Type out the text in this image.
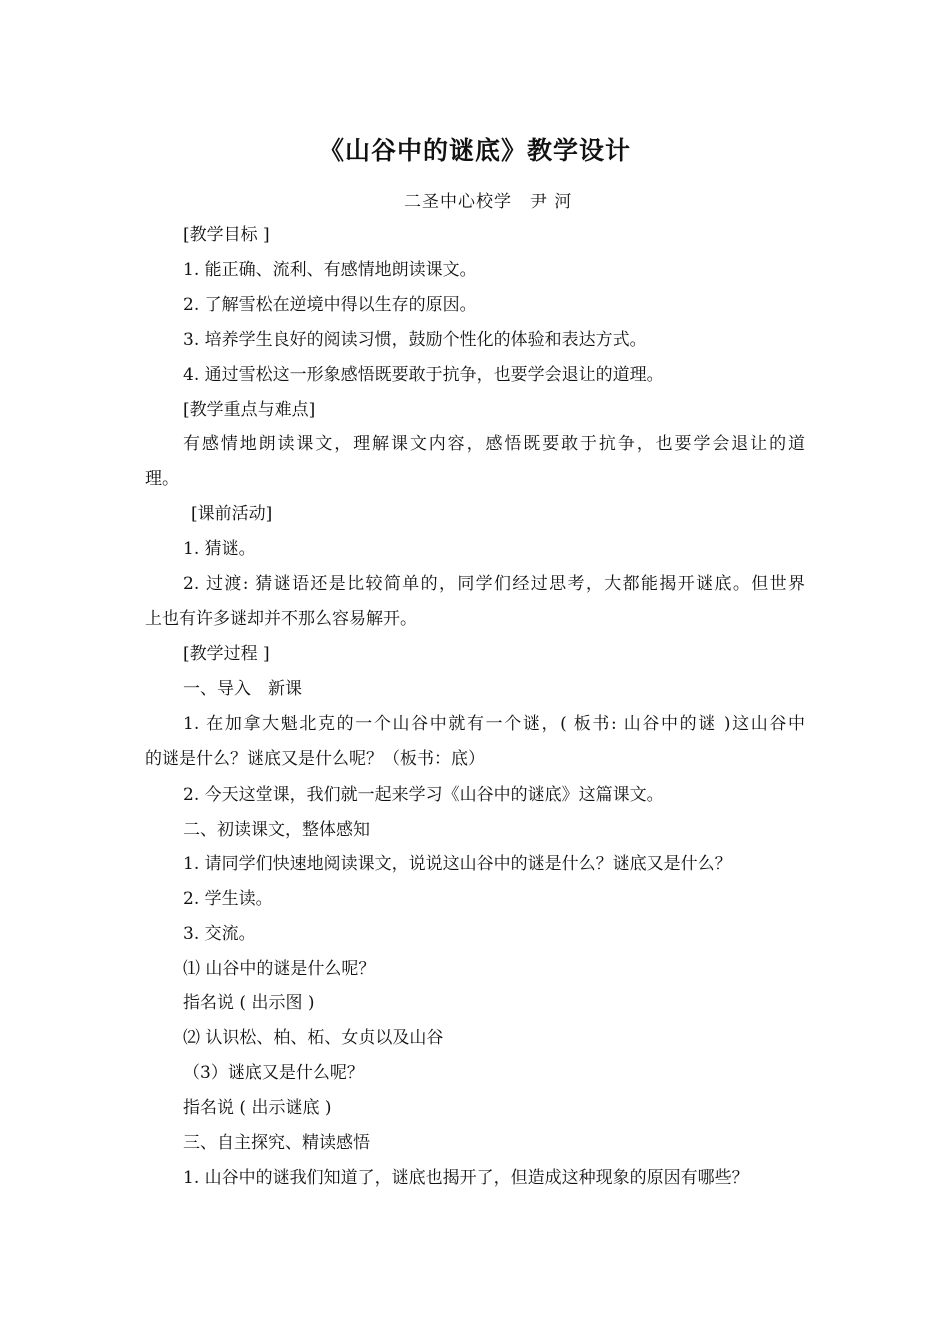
《山谷中的谜底》教学设计
二圣中心校学　尹 河
[教学目标 ]
1. 能正确、流利、有感情地朗读课文。
2. 了解雪松在逆境中得以生存的原因。
3. 培养学生良好的阅读习惯，鼓励个性化的体验和表达方式。
4. 通过雪松这一形象感悟既要敢于抗争，也要学会退让的道理。
[教学重点与难点]
有感情地朗读课文，理解课文内容，感悟既要敢于抗争，也要学会退让的道
理。
[课前活动]
1. 猜谜。
2. 过渡: 猜谜语还是比较简单的，同学们经过思考，大都能揭开谜底。但世界
上也有许多谜却并不那么容易解开。
[教学过程 ]
一、导入　新课
1. 在加拿大魁北克的一个山谷中就有一个谜，( 板书: 山谷中的谜 )这山谷中
的谜是什么？谜底又是什么呢？（板书：底）
2. 今天这堂课，我们就一起来学习《山谷中的谜底》这篇课文。
二、初读课文，整体感知
1. 请同学们快速地阅读课文，说说这山谷中的谜是什么？谜底又是什么？
2. 学生读。
3. 交流。
⑴ 山谷中的谜是什么呢？
指名说 ( 出示图 )
⑵ 认识松、柏、柘、女贞以及山谷
（3）谜底又是什么呢？
指名说 ( 出示谜底 )
三、自主探究、精读感悟
1. 山谷中的谜我们知道了，谜底也揭开了，但造成这种现象的原因有哪些？
